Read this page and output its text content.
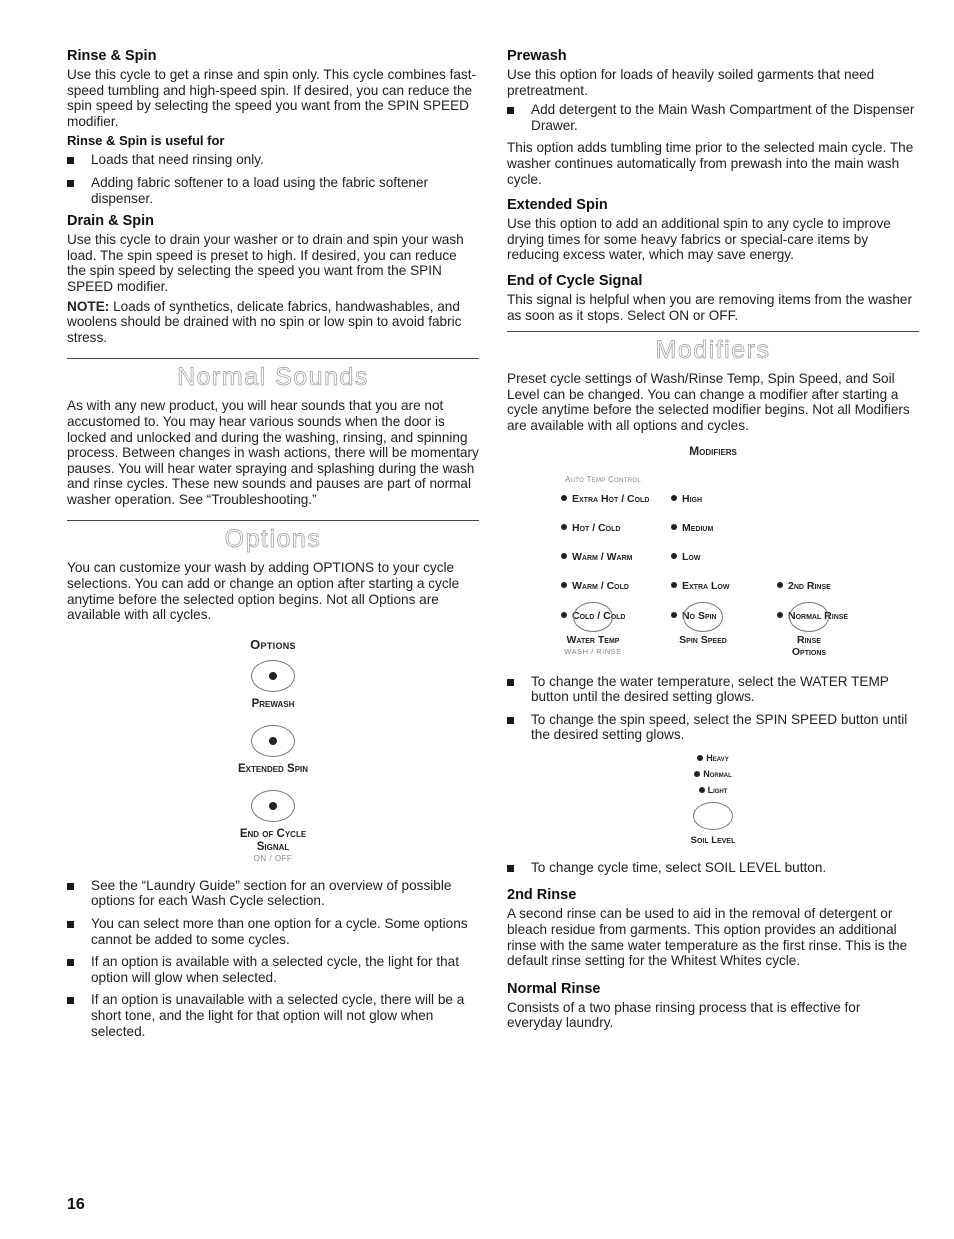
Rinse & Spin

Use this cycle to get a rinse and spin only. This cycle combines fast-speed tumbling and high-speed spin. If desired, you can reduce the spin speed by selecting the speed you want from the SPIN SPEED modifier.

Rinse & Spin is useful for
Loads that need rinsing only.
Adding fabric softener to a load using the fabric softener dispenser.
Drain & Spin

Use this cycle to drain your washer or to drain and spin your wash load. The spin speed is preset to high. If desired, you can reduce the spin speed by selecting the speed you want from the SPIN SPEED modifier.

NOTE: Loads of synthetics, delicate fabrics, handwashables, and woolens should be drained with no spin or low spin to avoid fabric stress.

Normal Sounds

As with any new product, you will hear sounds that you are not accustomed to. You may hear various sounds when the door is locked and unlocked and during the washing, rinsing, and spinning process. Between changes in wash actions, there will be momentary pauses. You will hear water spraying and splashing during the wash and rinse cycles. These new sounds and pauses are part of normal washer operation. See “Troubleshooting.”

Options

You can customize your wash by adding OPTIONS to your cycle selections. You can add or change an option after starting a cycle anytime before the selected option begins. Not all Options are available with all cycles.

Options
Prewash
Extended Spin
End of Cycle
Signal
ON / OFF
See the “Laundry Guide” section for an overview of possible options for each Wash Cycle selection.
You can select more than one option for a cycle. Some options cannot be added to some cycles.
If an option is available with a selected cycle, the light for that option will glow when selected.
If an option is unavailable with a selected cycle, there will be a short tone, and the light for that option will not glow when selected.
Prewash

Use this option for loads of heavily soiled garments that need pretreatment.

Add detergent to the Main Wash Compartment of the Dispenser Drawer.

This option adds tumbling time prior to the selected main cycle. The washer continues automatically from prewash into the main wash cycle.

Extended Spin

Use this option to add an additional spin to any cycle to improve drying times for some heavy fabrics or special-care items by reducing excess water, which may save energy.

End of Cycle Signal

This signal is helpful when you are removing items from the washer as soon as it stops. Select ON or OFF.

Modifiers

Preset cycle settings of Wash/Rinse Temp, Spin Speed, and Soil Level can be changed. You can change a modifier after starting a cycle anytime before the selected modifier begins. Not all Modifiers are available with all options and cycles.

Modifiers
Auto Temp Control
Extra Hot / Cold
Hot / Cold
Warm / Warm
Warm / Cold
Cold / Cold
High
Medium
Low
Extra Low
No Spin
2nd Rinse
Normal Rinse
Water Temp
WASH / RINSE
Spin Speed	Rinse
Options
To change the water temperature, select the WATER TEMP button until the desired setting glows.
To change the spin speed, select the SPIN SPEED button until the desired setting glows.
Heavy
Normal
Light
Soil Level
To change cycle time, select SOIL LEVEL button.
2nd Rinse

A second rinse can be used to aid in the removal of detergent or bleach residue from garments. This option provides an additional rinse with the same water temperature as the first rinse. This is the default rinse setting for the Whitest Whites cycle.

Normal Rinse

Consists of a two phase rinsing process that is effective for everyday laundry.

16
